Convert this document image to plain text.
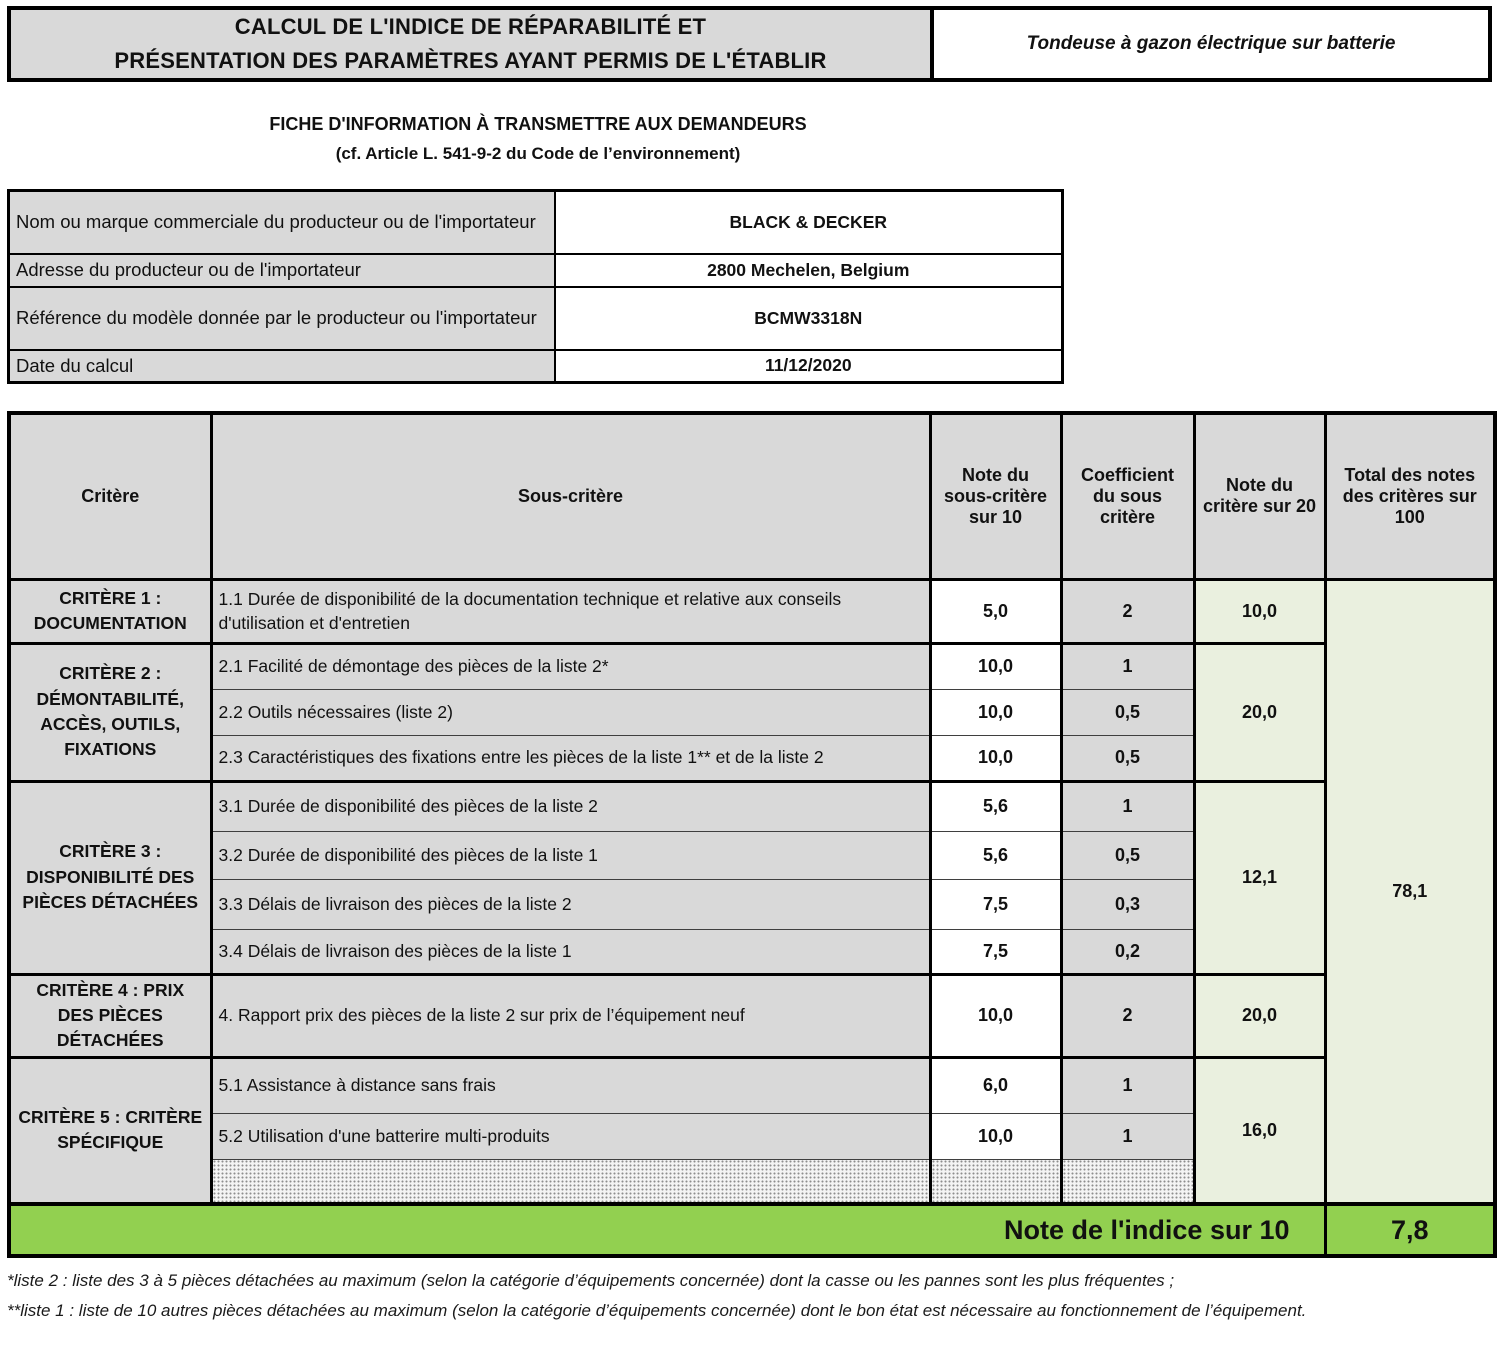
CALCUL DE L'INDICE DE RÉPARABILITÉ ET
PRÉSENTATION DES PARAMÈTRES AYANT PERMIS DE L'ÉTABLIR
Tondeuse à gazon électrique sur batterie
FICHE D'INFORMATION À TRANSMETTRE AUX DEMANDEURS
(cf. Article L. 541-9-2 du Code de l’environnement)
Nom ou marque commerciale du producteur ou de l'importateur	BLACK & DECKER
Adresse du producteur ou de l'importateur	2800 Mechelen, Belgium
Référence du modèle donnée par le producteur ou l'importateur	BCMW3318N
Date du calcul	11/12/2020
Critère	Sous-critère	Note du sous-critère sur 10	Coefficient du sous critère	Note du critère sur 20	Total des notes des critères sur 100
CRITÈRE 1 : DOCUMENTATION	1.1 Durée de disponibilité de la documentation technique et relative aux conseils d'utilisation et d'entretien	5,0	2	10,0	78,1
CRITÈRE 2 : DÉMONTABILITÉ, ACCÈS, OUTILS, FIXATIONS	2.1 Facilité de démontage des pièces de la liste 2*	10,0	1	20,0	
	2.2 Outils nécessaires (liste 2)	10,0	0,5		
	2.3 Caractéristiques des fixations entre les pièces de la liste 1** et de la liste 2	10,0	0,5		
CRITÈRE 3 : DISPONIBILITÉ DES PIÈCES DÉTACHÉES	3.1 Durée de disponibilité des pièces de la liste 2	5,6	1	12,1	
	3.2 Durée de disponibilité des pièces de la liste 1	5,6	0,5		
	3.3 Délais de livraison des pièces de la liste 2	7,5	0,3		
	3.4 Délais de livraison des pièces de la liste 1	7,5	0,2		
CRITÈRE 4 : PRIX DES PIÈCES DÉTACHÉES	4. Rapport prix des pièces de la liste 2 sur prix de l’équipement neuf	10,0	2	20,0	
CRITÈRE 5 : CRITÈRE SPÉCIFIQUE	5.1 Assistance à distance sans frais	6,0	1	16,0	
	5.2 Utilisation d'une batterire multi-produits	10,0	1		

Note de l'indice sur 10					7,8

*liste 2 : liste des 3 à 5 pièces détachées au maximum (selon la catégorie d’équipements concernée) dont la casse ou les pannes sont les plus fréquentes ;

**liste 1 : liste de 10 autres pièces détachées au maximum (selon la catégorie d’équipements concernée) dont le bon état est nécessaire au fonctionnement de l’équipement.
